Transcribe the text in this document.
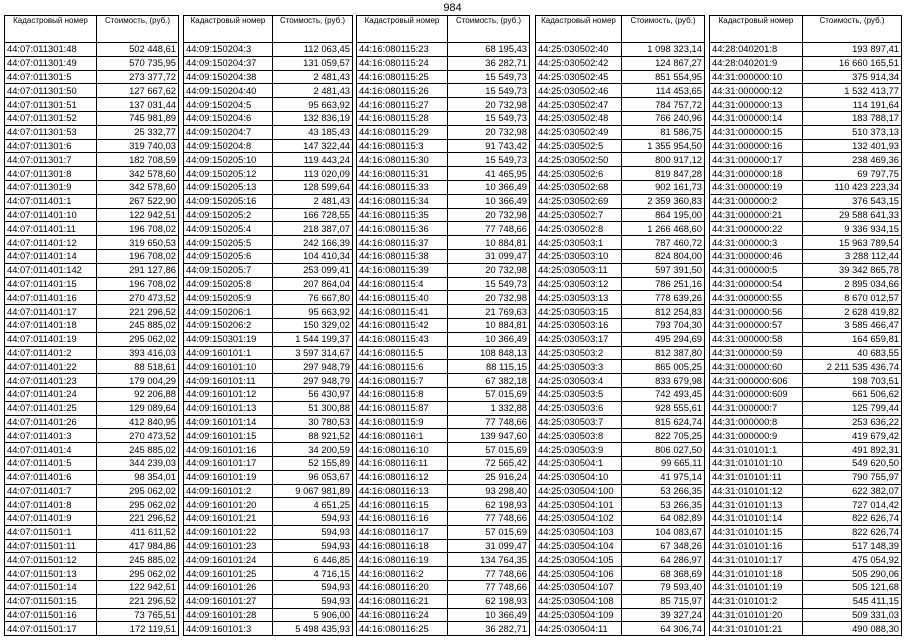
984
Кадастровый номер	Стоимость, (руб.)
44:07:011301:48	502 448,61
44:07:011301:49	570 735,95
44:07:011301:5	273 377,72
44:07:011301:50	127 667,62
44:07:011301:51	137 031,44
44:07:011301:52	745 981,89
44:07:011301:53	25 332,77
44:07:011301:6	319 740,03
44:07:011301:7	182 708,59
44:07:011301:8	342 578,60
44:07:011301:9	342 578,60
44:07:011401:1	267 522,90
44:07:011401:10	122 942,51
44:07:011401:11	196 708,02
44:07:011401:12	319 650,53
44:07:011401:14	196 708,02
44:07:011401:142	291 127,86
44:07:011401:15	196 708,02
44:07:011401:16	270 473,52
44:07:011401:17	221 296,52
44:07:011401:18	245 885,02
44:07:011401:19	295 062,02
44:07:011401:2	393 416,03
44:07:011401:22	88 518,61
44:07:011401:23	179 004,29
44:07:011401:24	92 206,88
44:07:011401:25	129 089,64
44:07:011401:26	412 840,95
44:07:011401:3	270 473,52
44:07:011401:4	245 885,02
44:07:011401:5	344 239,03
44:07:011401:6	98 354,01
44:07:011401:7	295 062,02
44:07:011401:8	295 062,02
44:07:011401:9	221 296,52
44:07:011501:1	411 611,52
44:07:011501:11	417 984,86
44:07:011501:12	245 885,02
44:07:011501:13	295 062,02
44:07:011501:14	122 942,51
44:07:011501:15	221 296,52
44:07:011501:16	73 765,51
44:07:011501:17	172 119,51
Кадастровый номер	Стоимость, (руб.)
44:09:150204:3	112 063,45
44:09:150204:37	131 059,57
44:09:150204:38	2 481,43
44:09:150204:40	2 481,43
44:09:150204:5	95 663,92
44:09:150204:6	132 836,19
44:09:150204:7	43 185,43
44:09:150204:8	147 322,44
44:09:150205:10	119 443,24
44:09:150205:12	113 020,09
44:09:150205:13	128 599,64
44:09:150205:16	2 481,43
44:09:150205:2	166 728,55
44:09:150205:4	218 387,07
44:09:150205:5	242 166,39
44:09:150205:6	104 410,34
44:09:150205:7	253 099,41
44:09:150205:8	207 864,04
44:09:150205:9	76 667,80
44:09:150206:1	95 663,92
44:09:150206:2	150 329,02
44:09:150301:19	1 544 199,37
44:09:160101:1	3 597 314,67
44:09:160101:10	297 948,79
44:09:160101:11	297 948,79
44:09:160101:12	56 430,97
44:09:160101:13	51 300,88
44:09:160101:14	30 780,53
44:09:160101:15	88 921,52
44:09:160101:16	34 200,59
44:09:160101:17	52 155,89
44:09:160101:19	96 053,67
44:09:160101:2	9 067 981,89
44:09:160101:20	4 651,25
44:09:160101:21	594,93
44:09:160101:22	594,93
44:09:160101:23	594,93
44:09:160101:24	6 446,85
44:09:160101:25	4 716,15
44:09:160101:26	594,93
44:09:160101:27	594,93
44:09:160101:28	5 906,00
44:09:160101:3	5 498 435,93
Кадастровый номер	Стоимость, (руб.)
44:16:080115:23	68 195,43
44:16:080115:24	36 282,71
44:16:080115:25	15 549,73
44:16:080115:26	15 549,73
44:16:080115:27	20 732,98
44:16:080115:28	15 549,73
44:16:080115:29	20 732,98
44:16:080115:3	91 743,42
44:16:080115:30	15 549,73
44:16:080115:31	41 465,95
44:16:080115:33	10 366,49
44:16:080115:34	10 366,49
44:16:080115:35	20 732,98
44:16:080115:36	77 748,66
44:16:080115:37	10 884,81
44:16:080115:38	31 099,47
44:16:080115:39	20 732,98
44:16:080115:4	15 549,73
44:16:080115:40	20 732,98
44:16:080115:41	21 769,63
44:16:080115:42	10 884,81
44:16:080115:43	10 366,49
44:16:080115:5	108 848,13
44:16:080115:6	88 115,15
44:16:080115:7	67 382,18
44:16:080115:8	57 015,69
44:16:080115:87	1 332,88
44:16:080115:9	77 748,66
44:16:080116:1	139 947,60
44:16:080116:10	57 015,69
44:16:080116:11	72 565,42
44:16:080116:12	25 916,24
44:16:080116:13	93 298,40
44:16:080116:15	62 198,93
44:16:080116:16	77 748,66
44:16:080116:17	57 015,69
44:16:080116:18	31 099,47
44:16:080116:19	134 764,35
44:16:080116:2	77 748,66
44:16:080116:20	77 748,66
44:16:080116:21	62 198,93
44:16:080116:24	10 366,49
44:16:080116:25	36 282,71
Кадастровый номер	Стоимость, (руб.)
44:25:030502:40	1 098 323,14
44:25:030502:42	124 867,27
44:25:030502:45	851 554,95
44:25:030502:46	114 453,65
44:25:030502:47	784 757,72
44:25:030502:48	766 240,96
44:25:030502:49	81 586,75
44:25:030502:5	1 355 954,50
44:25:030502:50	800 917,12
44:25:030502:6	819 847,28
44:25:030502:68	902 161,73
44:25:030502:69	2 359 360,83
44:25:030502:7	864 195,00
44:25:030502:8	1 266 468,60
44:25:030503:1	787 460,72
44:25:030503:10	824 804,00
44:25:030503:11	597 391,50
44:25:030503:12	786 251,16
44:25:030503:13	778 639,26
44:25:030503:15	812 254,83
44:25:030503:16	793 704,30
44:25:030503:17	495 294,69
44:25:030503:2	812 387,80
44:25:030503:3	865 005,25
44:25:030503:4	833 679,98
44:25:030503:5	742 493,45
44:25:030503:6	928 555,61
44:25:030503:7	815 624,74
44:25:030503:8	822 705,25
44:25:030503:9	806 027,50
44:25:030504:1	99 665,11
44:25:030504:10	41 975,14
44:25:030504:100	53 266,35
44:25:030504:101	53 266,35
44:25:030504:102	64 082,89
44:25:030504:103	104 083,67
44:25:030504:104	67 348,26
44:25:030504:105	64 286,97
44:25:030504:106	68 368,69
44:25:030504:107	79 593,40
44:25:030504:108	85 715,97
44:25:030504:109	39 327,24
44:25:030504:11	64 306,74
Кадастровый номер	Стоимость, (руб.)
44:28:040201:8	193 897,41
44:28:040201:9	16 660 165,51
44:31:000000:10	375 914,34
44:31:000000:12	1 532 413,77
44:31:000000:13	114 191,64
44:31:000000:14	183 788,17
44:31:000000:15	510 373,13
44:31:000000:16	132 401,93
44:31:000000:17	238 469,36
44:31:000000:18	69 797,75
44:31:000000:19	110 423 223,34
44:31:000000:2	376 543,15
44:31:000000:21	29 588 641,33
44:31:000000:22	9 336 934,15
44:31:000000:3	15 963 789,54
44:31:000000:46	3 288 112,44
44:31:000000:5	39 342 865,78
44:31:000000:54	2 895 034,66
44:31:000000:55	8 670 012,57
44:31:000000:56	2 628 419,82
44:31:000000:57	3 585 466,47
44:31:000000:58	164 659,81
44:31:000000:59	40 683,55
44:31:000000:60	2 211 535 436,74
44:31:000000:606	198 703,51
44:31:000000:609	661 506,62
44:31:000000:7	125 799,44
44:31:000000:8	253 636,22
44:31:000000:9	419 679,42
44:31:010101:1	491 892,31
44:31:010101:10	549 620,50
44:31:010101:11	790 755,97
44:31:010101:12	622 382,07
44:31:010101:13	727 014,42
44:31:010101:14	822 626,74
44:31:010101:15	822 626,74
44:31:010101:16	517 148,39
44:31:010101:17	475 054,92
44:31:010101:18	505 290,06
44:31:010101:19	505 121,68
44:31:010101:2	545 411,15
44:31:010101:20	509 331,03
44:31:010101:21	490 088,30
